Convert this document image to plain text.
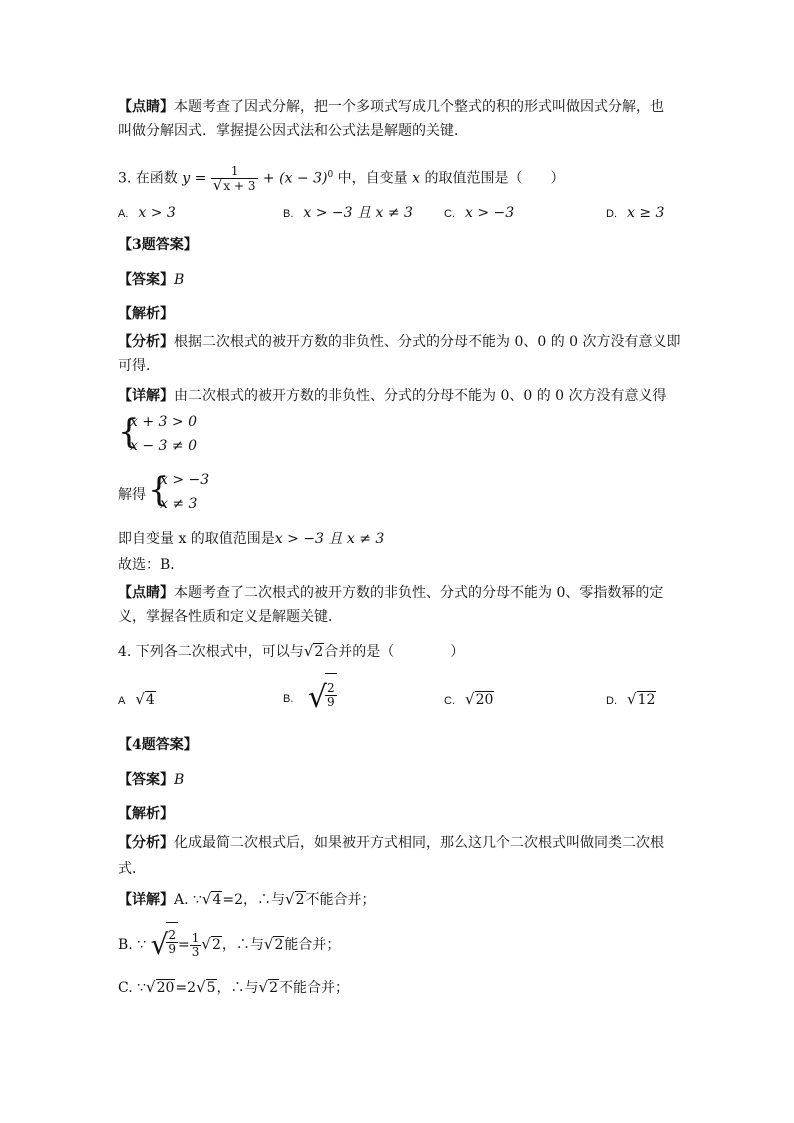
【点睛】本题考查了因式分解，把一个多项式写成几个整式的积的形式叫做因式分解，也
叫做分解因式．掌握提公因式法和公式法是解题的关键．
3. 在函数 $y = \frac{1}{√x + 3} + (x - 3)^0$ 中，自变量 x 的取值范围是（　　）
A. x > 3	B. x > −3 且 x ≠ 3	C. x > −3	D. x ≥ 3
【3题答案】
【答案】B
【解析】
【分析】根据二次根式的被开方数的非负性、分式的分母不能为 0、0 的 0 次方没有意义即
可得．
【详解】由二次根式的被开方数的非负性、分式的分母不能为 0、0 的 0 次方没有意义得
{
x + 3 > 0
x − 3 ≠ 0
解得 {
x > −3
x ≠ 3
即自变量 x 的取值范围是x > −3 且 x ≠ 3
故选：B．
【点睛】本题考查了二次根式的被开方数的非负性、分式的分母不能为 0、零指数幂的定
义，掌握各性质和定义是解题关键．
4. 下列各二次根式中，可以与√2合并的是（　　　　）
A √4	B. √
$\frac{2}{9}$	C. √20	D. √12
【4题答案】
【答案】B
【解析】
【分析】化成最简二次根式后，如果被开方式相同，那么这几个二次根式叫做同类二次根
式．
【详解】A. ∵√4=2，∴与√2不能合并；
B. ∵ √
$\frac{2}{9} = \frac{1}{3} √2$，∴与√2能合并；
C. ∵√20=2√5，∴与√2不能合并；
